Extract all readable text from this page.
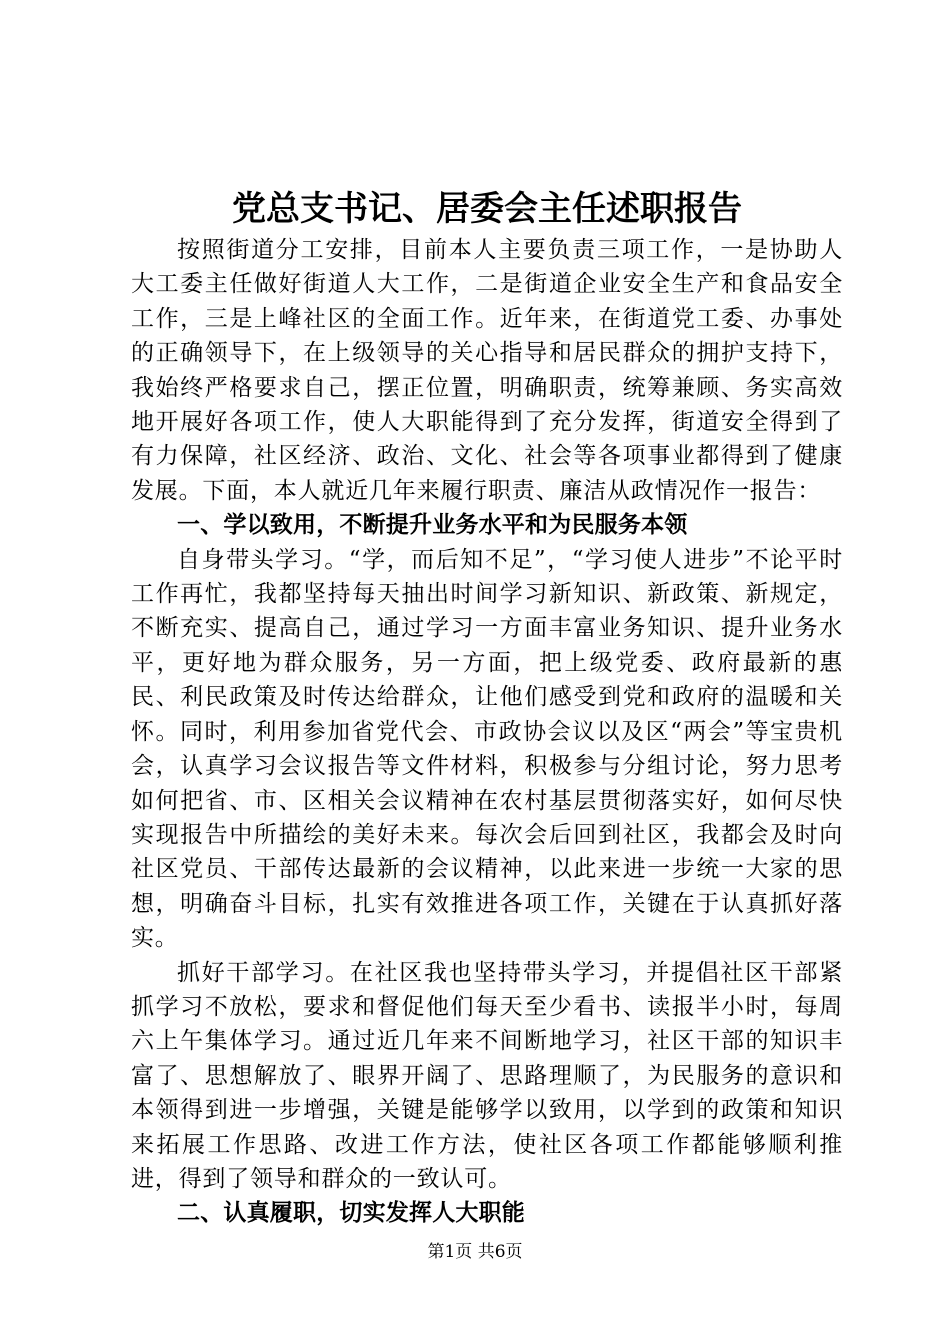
党总支书记、居委会主任述职报告

按照街道分工安排，目前本人主要负责三项工作，一是协助人大工委主任做好街道人大工作，二是街道企业安全生产和食品安全工作，三是上峰社区的全面工作。近年来，在街道党工委、办事处的正确领导下，在上级领导的关心指导和居民群众的拥护支持下，我始终严格要求自己，摆正位置，明确职责，统筹兼顾、务实高效地开展好各项工作，使人大职能得到了充分发挥，街道安全得到了有力保障，社区经济、政治、文化、社会等各项事业都得到了健康发展。下面，本人就近几年来履行职责、廉洁从政情况作一报告：

一、学以致用，不断提升业务水平和为民服务本领

自身带头学习。“学，而后知不足”，“学习使人进步”不论平时工作再忙，我都坚持每天抽出时间学习新知识、新政策、新规定，不断充实、提高自己，通过学习一方面丰富业务知识、提升业务水平，更好地为群众服务，另一方面，把上级党委、政府最新的惠民、利民政策及时传达给群众，让他们感受到党和政府的温暖和关怀。同时，利用参加省党代会、市政协会议以及区“两会”等宝贵机会，认真学习会议报告等文件材料，积极参与分组讨论，努力思考如何把省、市、区相关会议精神在农村基层贯彻落实好，如何尽快实现报告中所描绘的美好未来。每次会后回到社区，我都会及时向社区党员、干部传达最新的会议精神，以此来进一步统一大家的思想，明确奋斗目标，扎实有效推进各项工作，关键在于认真抓好落实。

抓好干部学习。在社区我也坚持带头学习，并提倡社区干部紧抓学习不放松，要求和督促他们每天至少看书、读报半小时，每周六上午集体学习。通过近几年来不间断地学习，社区干部的知识丰富了、思想解放了、眼界开阔了、思路理顺了，为民服务的意识和本领得到进一步增强，关键是能够学以致用，以学到的政策和知识来拓展工作思路、改进工作方法，使社区各项工作都能够顺利推进，得到了领导和群众的一致认可。

二、认真履职，切实发挥人大职能
第1页 共6页
